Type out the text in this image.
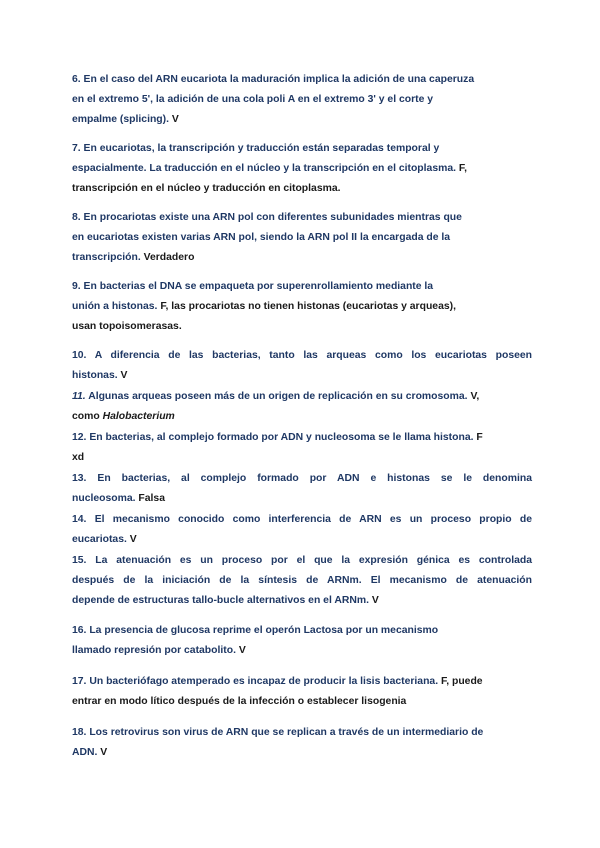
6. En el caso del ARN eucariota la maduración implica la adición de una caperuza
en el extremo 5', la adición de una cola poli A en el extremo 3' y el corte y
empalme (splicing). V
7. En eucariotas, la transcripción y traducción están separadas temporal y
espacialmente. La traducción en el núcleo y la transcripción en el citoplasma. F,
transcripción en el núcleo y traducción en citoplasma.
8. En procariotas existe una ARN pol con diferentes subunidades mientras que
en eucariotas existen varias ARN pol, siendo la ARN pol II la encargada de la
transcripción. Verdadero
9. En bacterias el DNA se empaqueta por superenrollamiento mediante la
unión a histonas. F, las procariotas no tienen histonas (eucariotas y arqueas),
usan topoisomerasas.
10. A diferencia de las bacterias, tanto las arqueas como los eucariotas poseen
histonas. V
11. Algunas arqueas poseen más de un origen de replicación en su cromosoma. V,
como Halobacterium
12. En bacterias, al complejo formado por ADN y nucleosoma se le llama histona. F
xd
13. En bacterias, al complejo formado por ADN e histonas se le denomina
nucleosoma. Falsa
14. El mecanismo conocido como interferencia de ARN es un proceso propio de
eucariotas. V
15. La atenuación es un proceso por el que la expresión génica es controlada
después de la iniciación de la síntesis de ARNm. El mecanismo de atenuación
depende de estructuras tallo-bucle alternativos en el ARNm. V
16. La presencia de glucosa reprime el operón Lactosa por un mecanismo
llamado represión por catabolito. V
17. Un bacteriófago atemperado es incapaz de producir la lisis bacteriana. F, puede
entrar en modo lítico después de la infección o establecer lisogenia
18. Los retrovirus son virus de ARN que se replican a través de un intermediario de
ADN. V
